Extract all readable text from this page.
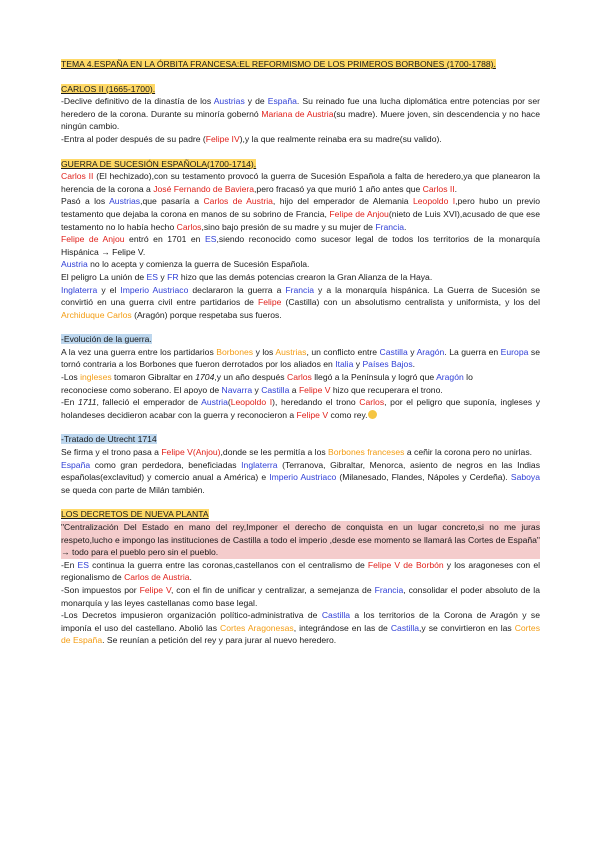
TEMA 4.ESPAÑA EN LA ÓRBITA FRANCESA:EL REFORMISMO DE LOS PRIMEROS BORBONES (1700-1788).

CARLOS II (1665-1700).

-Declive definitivo de la dinastía de los Austrias y de España. Su reinado fue una lucha diplomática entre potencias por ser heredero de la corona. Durante su minoría gobernó Mariana de Austria(su madre). Muere joven, sin descendencia y no hace ningún cambio.

-Entra al poder después de su padre (Felipe IV),y la que realmente reinaba era su madre(su valido).

GUERRA DE SUCESIÓN ESPAÑOLA(1700-1714).

Carlos II (El hechizado),con su testamento provocó la guerra de Sucesión Española a falta de heredero,ya que planearon la herencia de la corona a José Fernando de Baviera,pero fracasó ya que murió 1 año antes que Carlos II.

Pasó a los Austrias,que pasaría a Carlos de Austria, hijo del emperador de Alemania Leopoldo I,pero hubo un previo testamento que dejaba la corona en manos de su sobrino de Francia, Felipe de Anjou(nieto de Luis XVI),acusado de que ese testamento no lo había hecho Carlos,sino bajo presión de su madre y su mujer de Francia.

Felipe de Anjou entró en 1701 en ES,siendo reconocido como sucesor legal de todos los territorios de la monarquía Hispánica → Felipe V.

Austria no lo acepta y comienza la guerra de Sucesión Española.

El peligro La unión de ES y FR hizo que las demás potencias crearon la Gran Alianza de la Haya.

Inglaterra y el Imperio Austriaco declararon la guerra a Francia y a la monarquía hispánica. La Guerra de Sucesión se convirtió en una guerra civil entre partidarios de Felipe (Castilla) con un absolutismo centralista y uniformista, y los del Archiduque Carlos (Aragón) porque respetaba sus fueros.

-Evolución de la guerra.

A la vez una guerra entre los partidarios Borbones y los Austrias, un conflicto entre Castilla y Aragón. La guerra en Europa se tornó contraria a los Borbones que fueron derrotados por los aliados en Italia y Países Bajos.

-Los ingleses tomaron Gibraltar en 1704,y un año después Carlos llegó a la Península y logró que Aragón lo

reconociese como soberano. El apoyo de Navarra y Castilla a Felipe V hizo que recuperara el trono.

-En 1711, falleció el emperador de Austria(Leopoldo I), heredando el trono Carlos, por el peligro que suponía, ingleses y holandeses decidieron acabar con la guerra y reconocieron a Felipe V como rey.

-Tratado de Utrecht 1714

Se firma y el trono pasa a Felipe V(Anjou),donde se les permitía a los Borbones franceses a ceñir la corona pero no unirlas.

España como gran perdedora, beneficiadas Inglaterra (Terranova, Gibraltar, Menorca, asiento de negros en las Indias españolas(exclavitud) y comercio anual a América) e Imperio Austriaco (Milanesado, Flandes, Nápoles y Cerdeña). Saboya se queda con parte de Milán también.

LOS DECRETOS DE NUEVA PLANTA

"Centralización Del Estado en mano del rey,Imponer el derecho de conquista en un lugar concreto,si no me juras respeto,lucho e impongo las instituciones de Castilla a todo el imperio ,desde ese momento se llamará las Cortes de España" → todo para el pueblo pero sin el pueblo.

-En ES continua la guerra entre las coronas,castellanos con el centralismo de Felipe V de Borbón y los aragoneses con el regionalismo de Carlos de Austria.

-Son impuestos por Felipe V, con el fin de unificar y centralizar, a semejanza de Francia, consolidar el poder absoluto de la monarquía y las leyes castellanas como base legal.

-Los Decretos impusieron organización político-administrativa de Castilla a los territorios de la Corona de Aragón y se imponía el uso del castellano. Abolió las Cortes Aragonesas, integrándose en las de Castilla,y se convirtieron en las Cortes de España. Se reunían a petición del rey y para jurar al nuevo heredero.
